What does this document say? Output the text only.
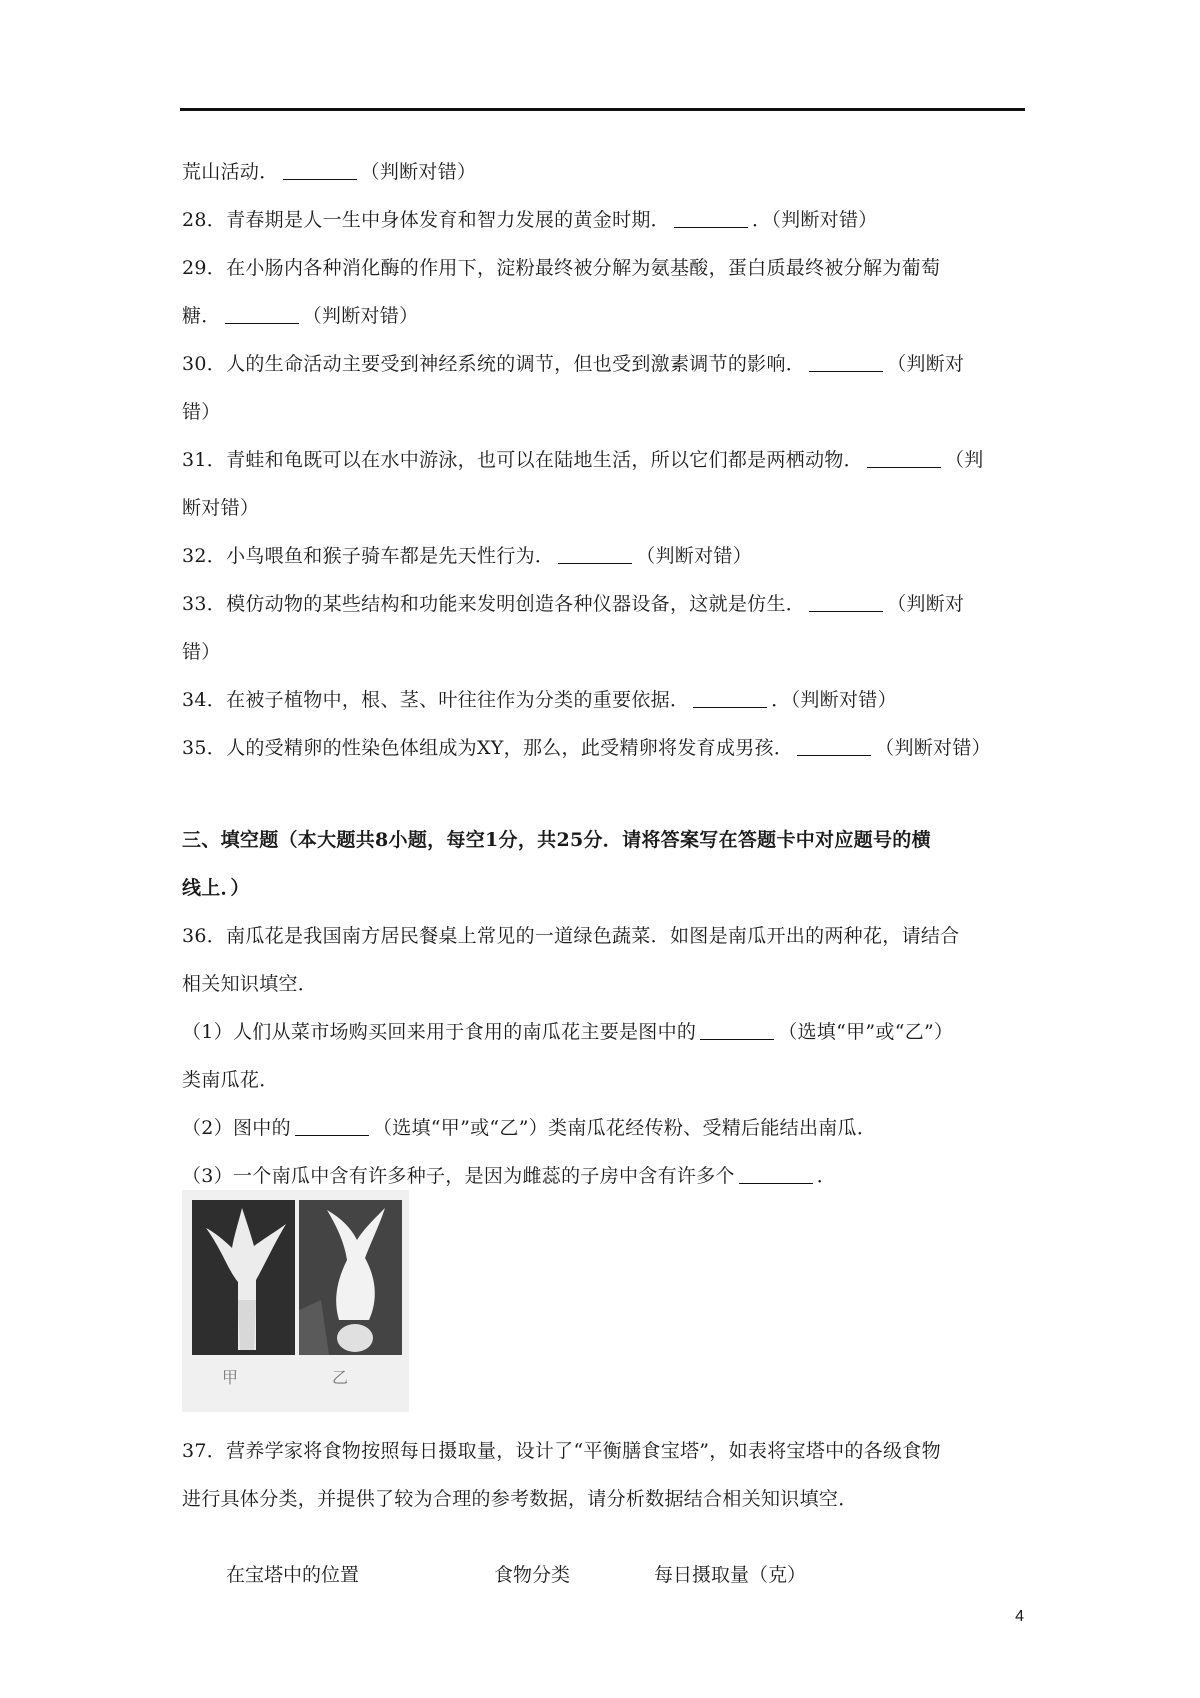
荒山活动．	（判断对错）
28．青春期是人一生中身体发育和智力发展的黄金时期．	．（判断对错）
29．在小肠内各种消化酶的作用下，淀粉最终被分解为氨基酸，蛋白质最终被分解为葡萄
糖．	（判断对错）
30．人的生命活动主要受到神经系统的调节，但也受到激素调节的影响．	（判断对
错）
31．青蛙和龟既可以在水中游泳，也可以在陆地生活，所以它们都是两栖动物．	（判
断对错）
32．小鸟喂鱼和猴子骑车都是先天性行为．	（判断对错）
33．模仿动物的某些结构和功能来发明创造各种仪器设备，这就是仿生．	（判断对
错）
34．在被子植物中，根、茎、叶往往作为分类的重要依据．	．（判断对错）
35．人的受精卵的性染色体组成为XY，那么，此受精卵将发育成男孩．	（判断对错）
三、填空题（本大题共8小题，每空1分，共25分．请将答案写在答题卡中对应题号的横
线上．）
36．南瓜花是我国南方居民餐桌上常见的一道绿色蔬菜．如图是南瓜开出的两种花，请结合
相关知识填空．
（1）人们从菜市场购买回来用于食用的南瓜花主要是图中的	（选填“甲”或“乙”）
类南瓜花．
（2）图中的	（选填“甲”或“乙”）类南瓜花经传粉、受精后能结出南瓜．
（3）一个南瓜中含有许多种子，是因为雌蕊的子房中含有许多个	．
甲	乙
37．营养学家将食物按照每日摄取量，设计了“平衡膳食宝塔”，如表将宝塔中的各级食物
进行具体分类，并提供了较为合理的参考数据，请分析数据结合相关知识填空．
在宝塔中的位置	食物分类	每日摄取量（克）
4
